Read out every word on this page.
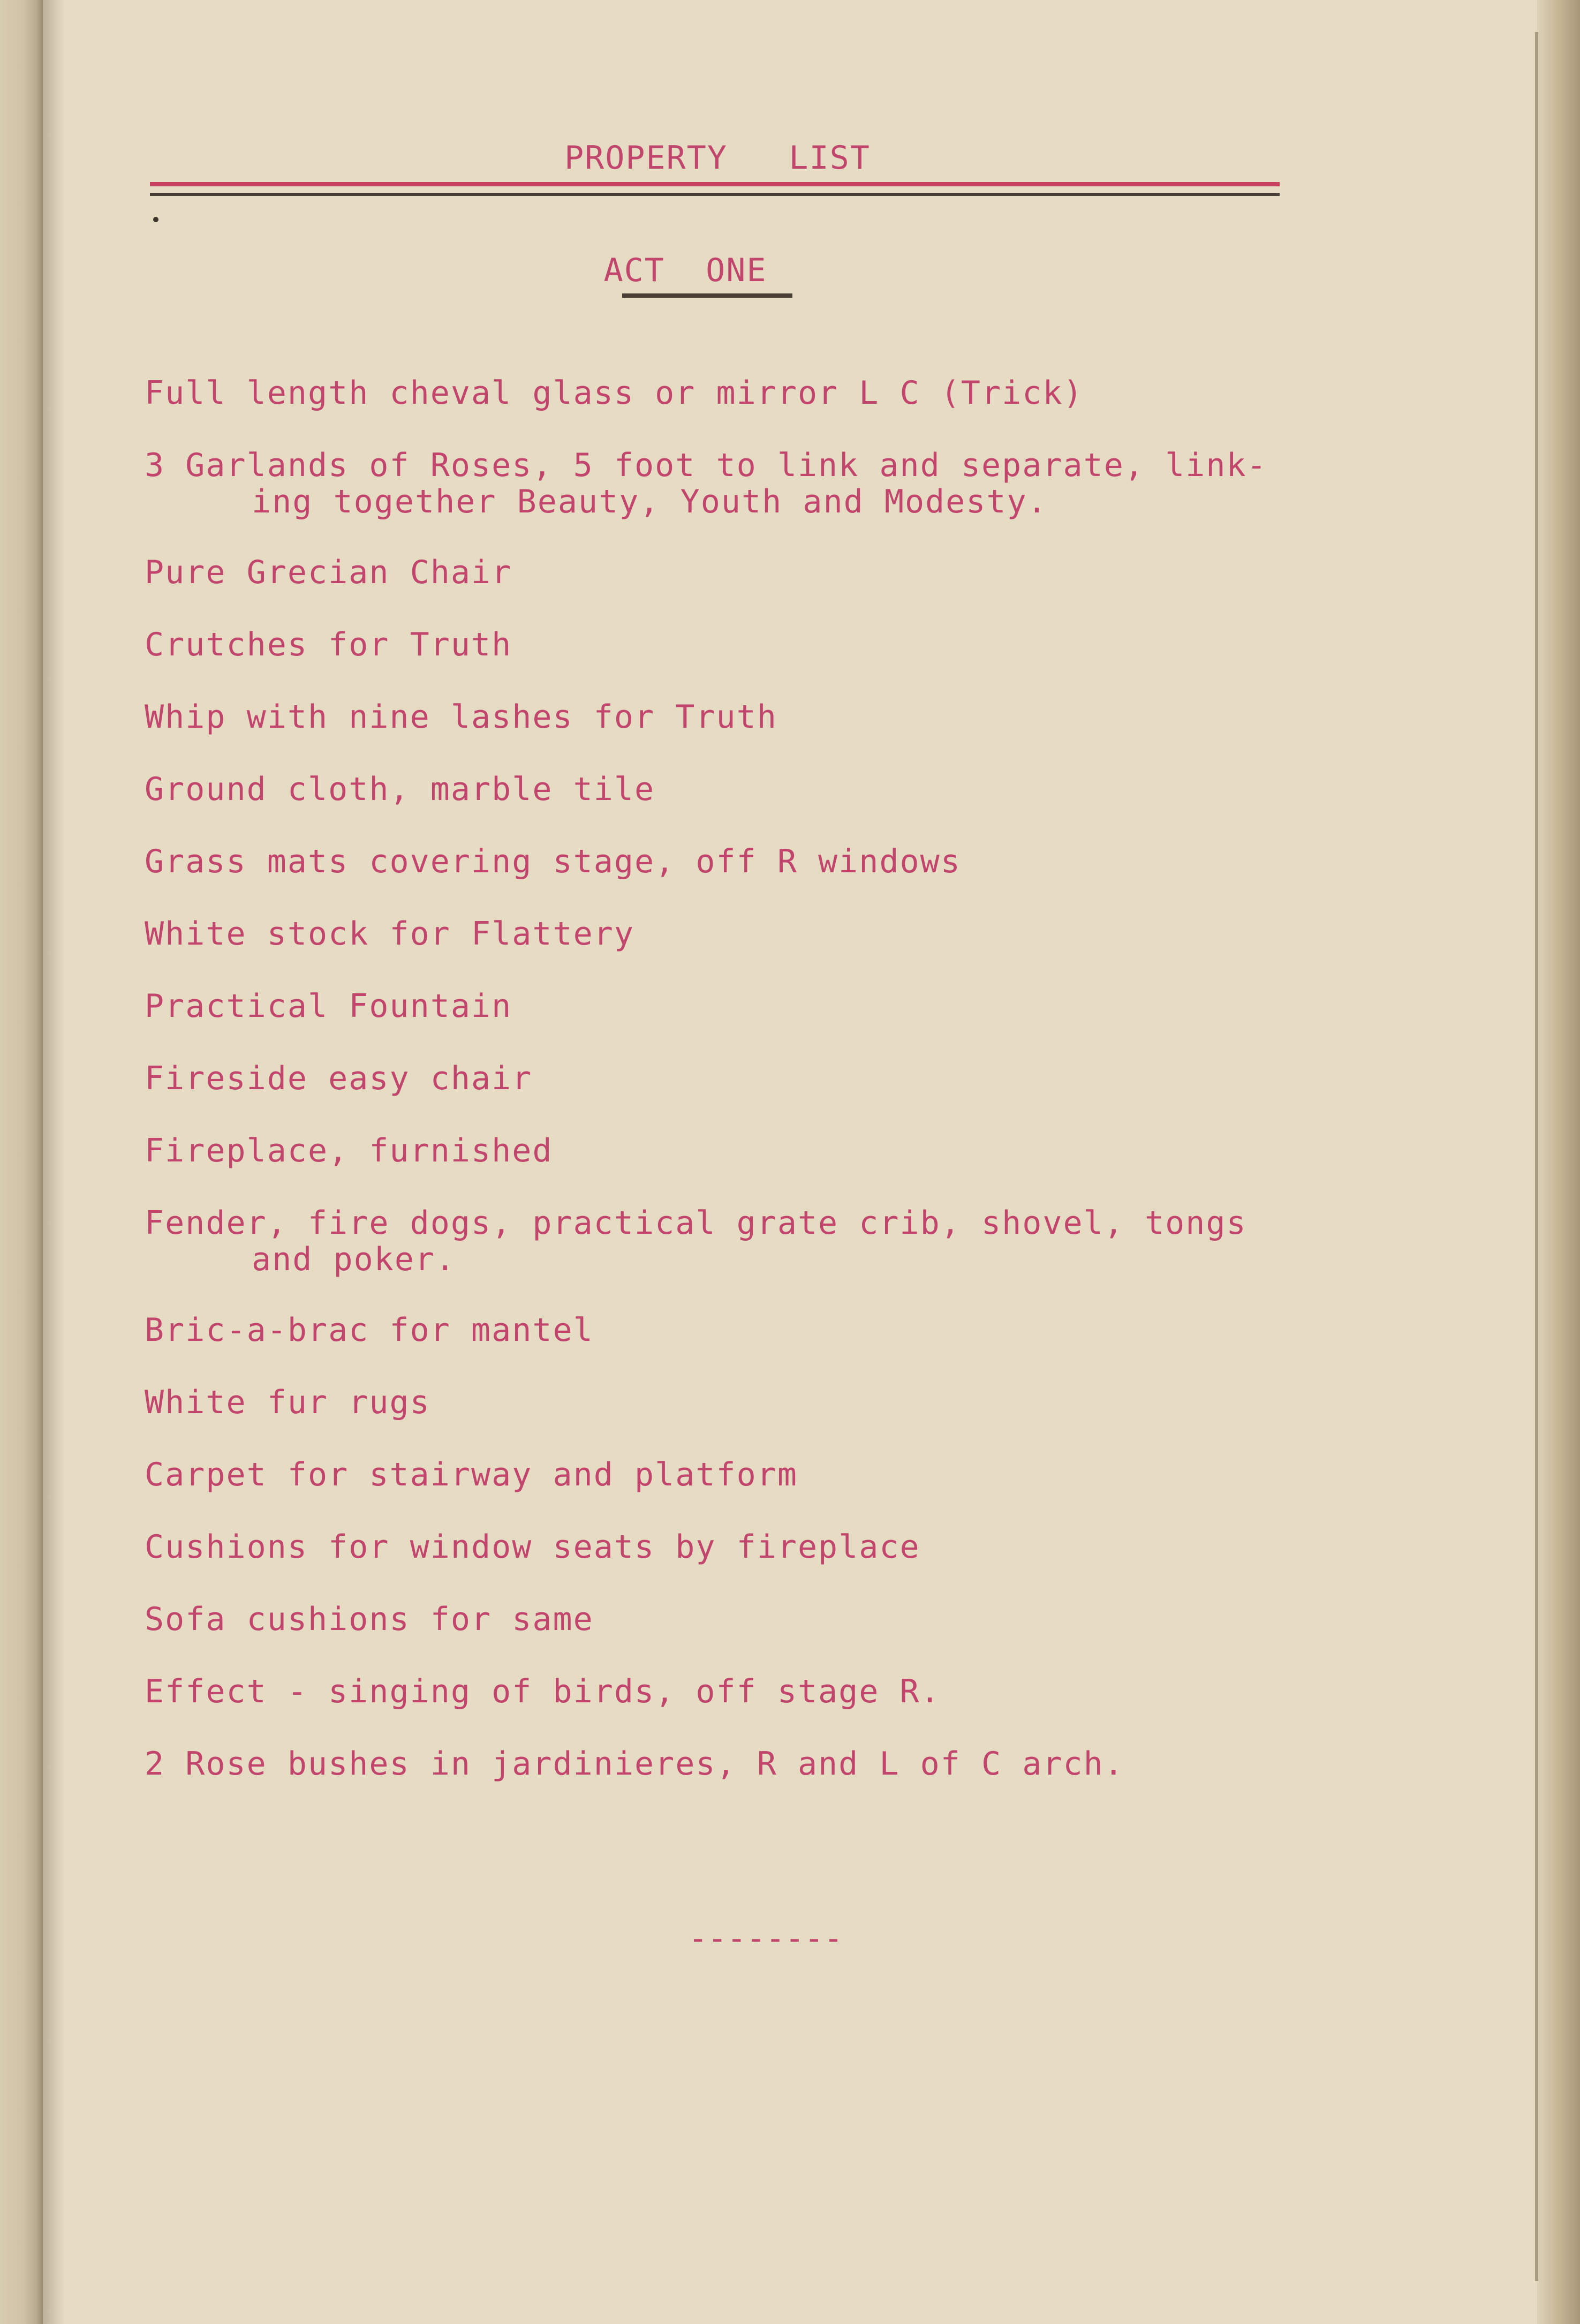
PROPERTY   LIST
ACT  ONE
Full length cheval glass or mirror L C (Trick)
3 Garlands of Roses, 5 foot to link and separate, link-
ing together Beauty, Youth and Modesty.
Pure Grecian Chair
Crutches for Truth
Whip with nine lashes for Truth
Ground cloth, marble tile
Grass mats covering stage, off R windows
White stock for Flattery
Practical Fountain
Fireside easy chair
Fireplace, furnished
Fender, fire dogs, practical grate crib, shovel, tongs
and poker.
Bric-a-brac for mantel
White fur rugs
Carpet for stairway and platform
Cushions for window seats by fireplace
Sofa cushions for same
Effect - singing of birds, off stage R.
2 Rose bushes in jardinieres, R and L of C arch.
--------
